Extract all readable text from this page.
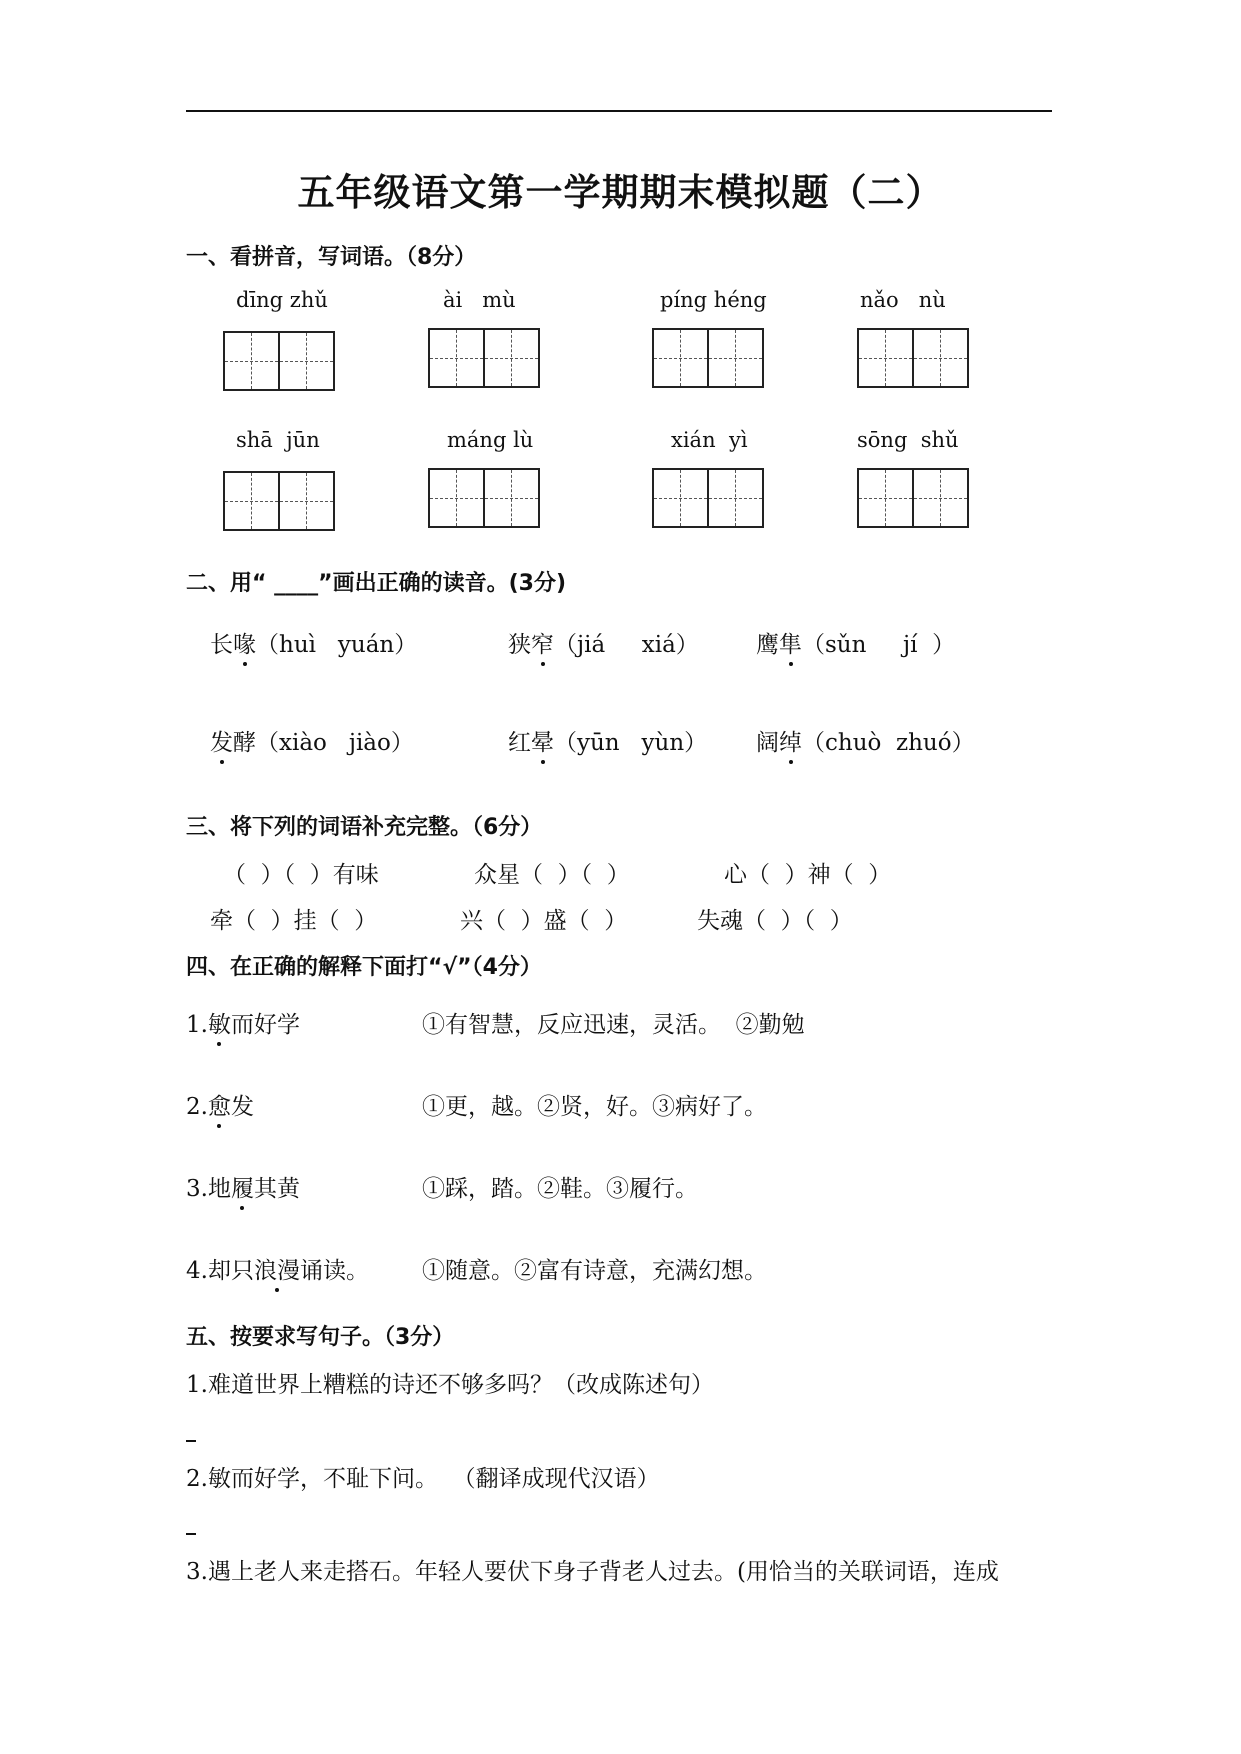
五年级语文第一学期期末模拟题（二）
一、看拼音，写词语。（8分）
dīng zhǔ	ài   mù	píng héng	nǎo   nù
shā  jūn	máng lù	xián  yì	sōng  shǔ
二、用“ ____”画出正确的读音。(3分)
长喙（huì   yuán）	狭窄（jiá     xiá） 鹰隼（sǔn     jí  ）
发酵（xiào   jiào）	红晕（yūn   yùn） 阔绰（chuò  zhuó）
三、将下列的词语补充完整。（6分）
（  ）（  ）有味	众星（  ）（  ）	心（  ）神（  ）
牵（  ）挂（  ）	兴（  ）盛（  ）	失魂（  ）（  ）
四、在正确的解释下面打“√”（4分）
1.敏而好学	①有智慧，反应迅速，灵活。  ②勤勉
2.愈发	①更，越。②贤，好。③病好了。
3.地履其黄	①踩，踏。②鞋。③履行。
4.却只浪漫诵读。 ①随意。②富有诗意，充满幻想。
五、按要求写句子。（3分）
1.难道世界上糟糕的诗还不够多吗？（改成陈述句）
2.敏而好学，不耻下问。  （翻译成现代汉语）
3.遇上老人来走搭石。年轻人要伏下身子背老人过去。(用恰当的关联词语，连成
